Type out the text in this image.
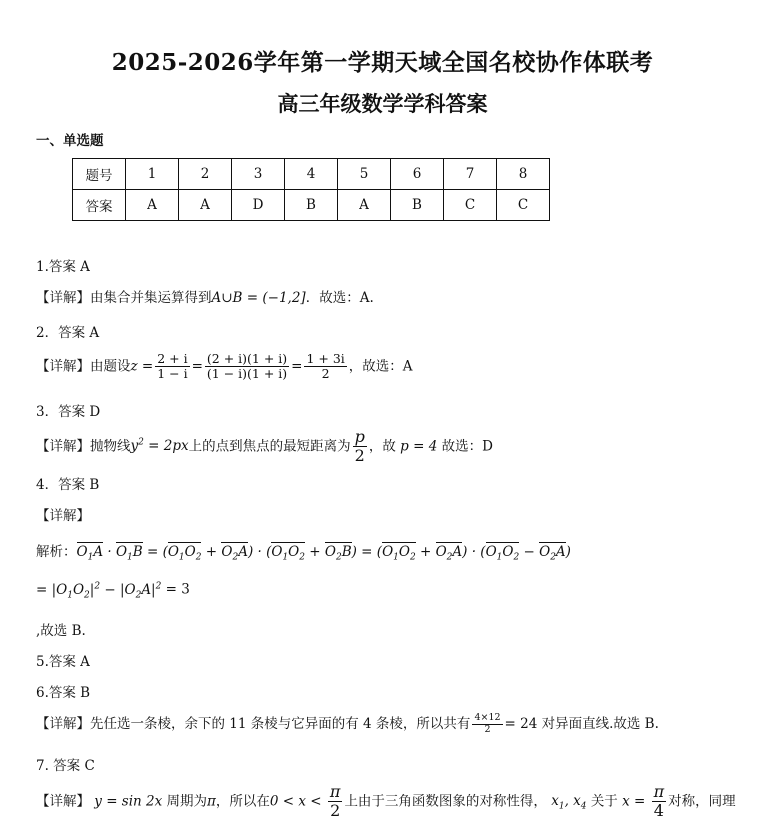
2025-2026学年第一学期天域全国名校协作体联考
高三年级数学学科答案
一、单选题
题号	1	2	3	4	5	6	7	8
答案	A	A	D	B	A	B	C	C
1.答案 A
【详解】由集合并集运算得到A∪B = (−1,2]．故选：A.
2．答案 A
【详解】由题设$z = \frac{2 + i}{1 - i} = \frac{(2 + i)(1 + i)}{(1 - i)(1 + i)} = \frac{1 + 3i}{2}$ ，故选：A
3．答案 D
【详解】抛物线$y^2 = 2px$上的点到焦点的最短距离为 $\frac{p}{2}$ ，故 p = 4 故选：D
4．答案 B
【详解】
解析：$O_1A \cdot O_1B = (O_1O_2 + O_2A) \cdot (O_1O_2 + O_2B) = (O_1O_2 + O_2A) \cdot (O_1O_2 - O_2A)$
= $|O_1O_2|^2 - |O_2A|^2 = 3$
,故选 B.
5.答案 A
6.答案 B
【详解】先任选一条棱，余下的 11 条棱与它异面的有 4 条棱，所以共有 $\frac{4\times 12}{2} = 24$ 对异面直线.故选 B.
7. 答案 C
【详解】 y = sin 2x 周期为π，所以在$0 < x < \frac{\pi}{2}$ 上由于三角函数图象的对称性得， $x_1$, $x_4$ 关于 $x = \frac{\pi}{4}$ 对称，同理
